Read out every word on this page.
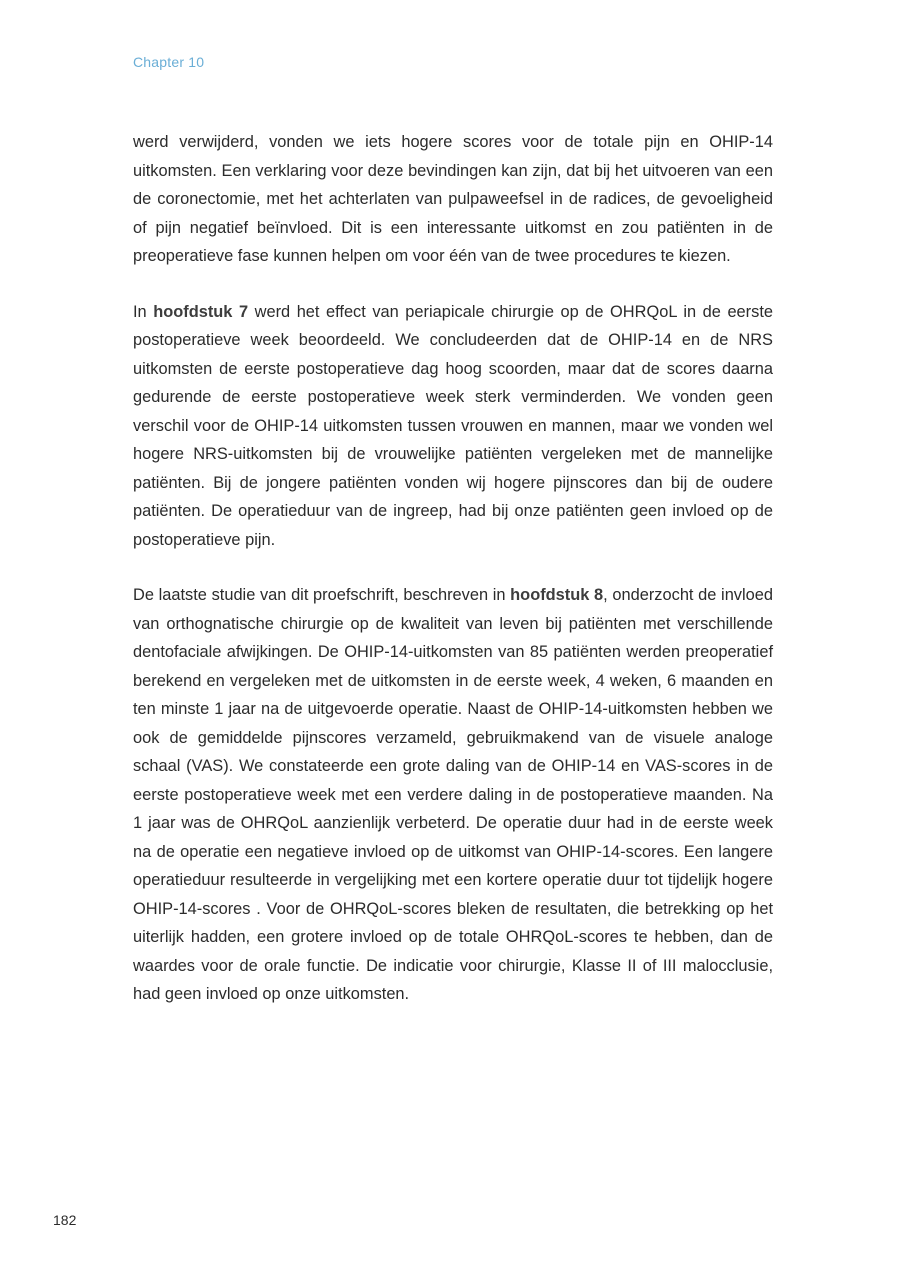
Chapter 10

werd verwijderd, vonden we iets hogere scores voor de totale pijn en OHIP-14 uitkomsten. Een verklaring voor deze bevindingen kan zijn, dat bij het uitvoeren van een de coronectomie, met het achterlaten van pulpaweefsel in de radices, de gevoeligheid of pijn negatief beïnvloed. Dit is een interessante uitkomst en zou patiënten in de preoperatieve fase kunnen helpen om voor één van de twee procedures te kiezen.

In hoofdstuk 7 werd het effect van periapicale chirurgie op de OHRQoL in de eerste postoperatieve week beoordeeld. We concludeerden dat de OHIP-14 en de NRS uitkomsten de eerste postoperatieve dag hoog scoorden, maar dat de scores daarna gedurende de eerste postoperatieve week sterk verminderden. We vonden geen verschil voor de OHIP-14 uitkomsten tussen vrouwen en mannen, maar we vonden wel hogere NRS-uitkomsten bij de vrouwelijke patiënten vergeleken met de mannelijke patiënten. Bij de jongere patiënten vonden wij hogere pijnscores dan bij de oudere patiënten. De operatieduur van de ingreep, had bij onze patiënten geen invloed op de postoperatieve pijn.

De laatste studie van dit proefschrift, beschreven in hoofdstuk 8, onderzocht de invloed van orthognatische chirurgie op de kwaliteit van leven bij patiënten met verschillende dentofaciale afwijkingen. De OHIP-14-uitkomsten van 85 patiënten werden preoperatief berekend en vergeleken met de uitkomsten in de eerste week, 4 weken, 6 maanden en ten minste 1 jaar na de uitgevoerde operatie. Naast de OHIP-14-uitkomsten hebben we ook de gemiddelde pijnscores verzameld, gebruikmakend van de visuele analoge schaal (VAS). We constateerde een grote daling van de OHIP-14 en VAS-scores in de eerste postoperatieve week met een verdere daling in de postoperatieve maanden. Na 1 jaar was de OHRQoL aanzienlijk verbeterd. De operatie duur had in de eerste week na de operatie een negatieve invloed op de uitkomst van OHIP-14-scores. Een langere operatieduur resulteerde in vergelijking met een kortere operatie duur tot tijdelijk hogere OHIP-14-scores . Voor de OHRQoL-scores bleken de resultaten, die betrekking op het uiterlijk hadden, een grotere invloed op de totale OHRQoL-scores te hebben, dan de waardes voor de orale functie. De indicatie voor chirurgie, Klasse II of III malocclusie, had geen invloed op onze uitkomsten.

182
